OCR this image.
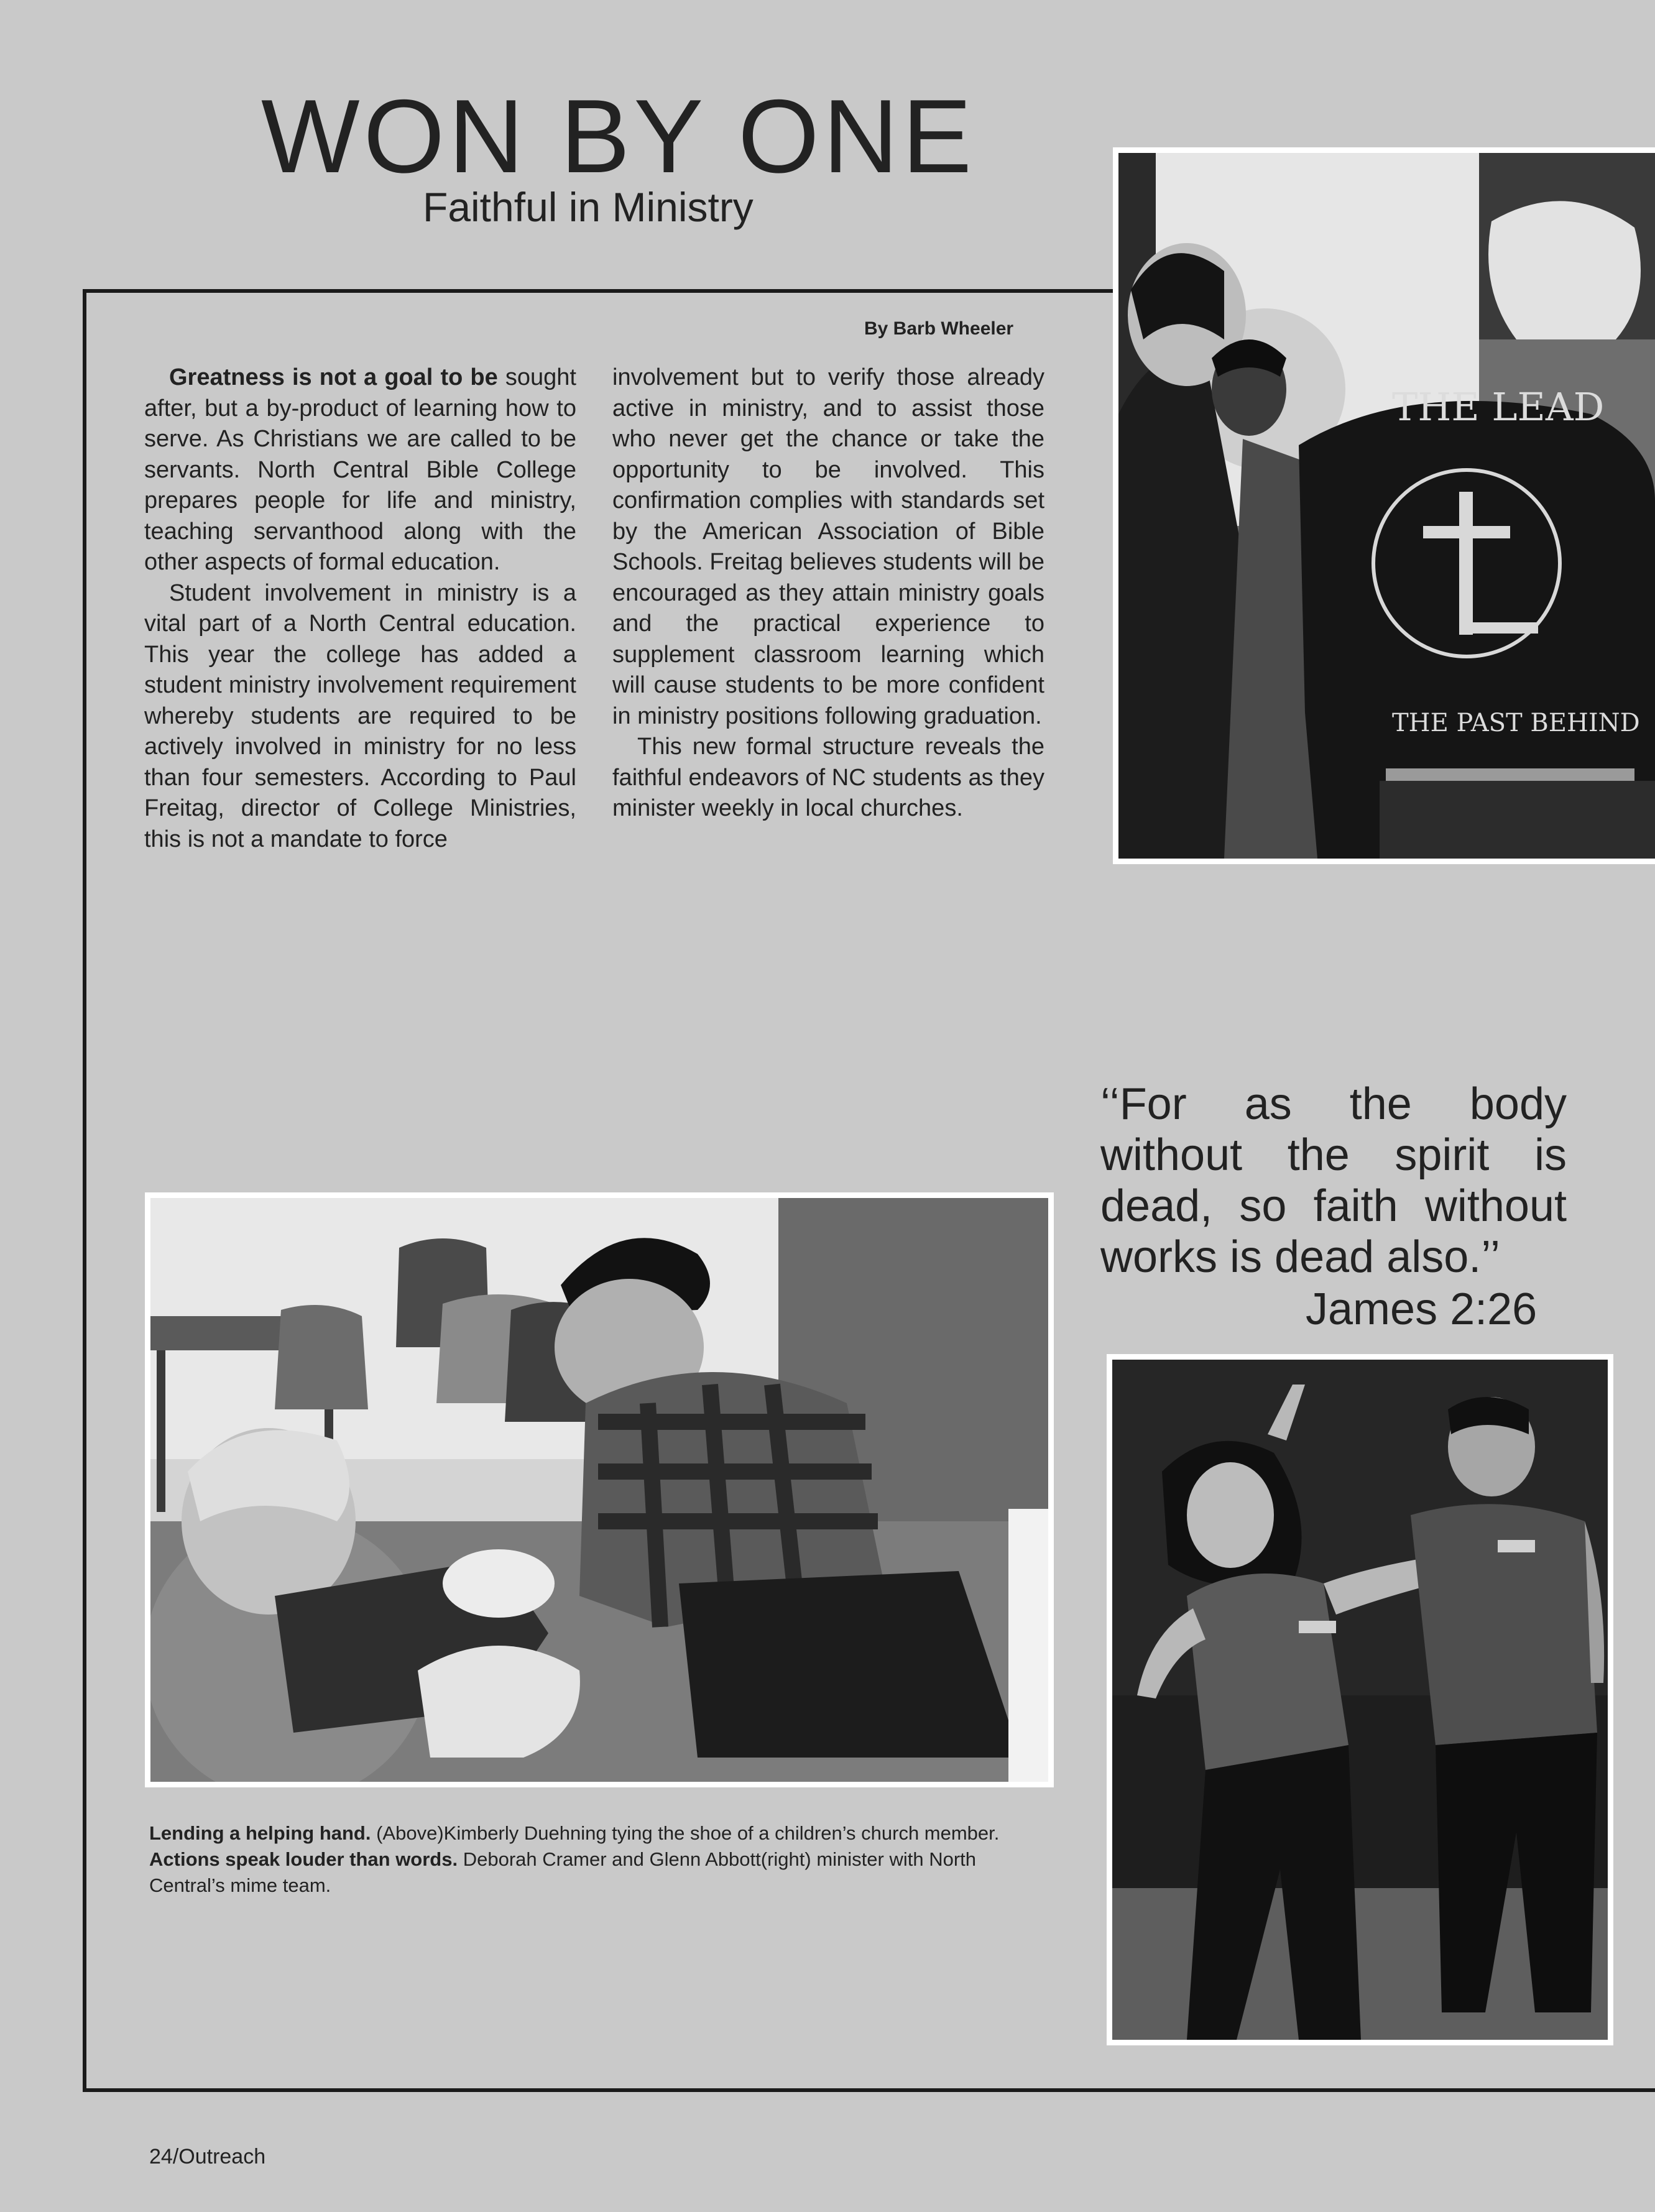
WON BY ONE
Faithful in Ministry
By Barb Wheeler

Greatness is not a goal to be sought after, but a by-product of learning how to serve. As Christians we are called to be servants. North Central Bible College prepares people for life and ministry, teaching servanthood along with the other aspects of formal education.

Student involvement in ministry is a vital part of a North Central education. This year the college has added a student ministry involvement requirement whereby students are required to be actively involved in ministry for no less than four semesters. According to Paul Freitag, director of College Ministries, this is not a mandate to force

involvement but to verify those already active in ministry, and to assist those who never get the chance or take the opportunity to be involved. This confirmation complies with standards set by the American Association of Bible Schools. Freitag believes students will be encouraged as they attain ministry goals and the practical experience to supplement classroom learning which will cause students to be more confident in ministry positions following graduation.

This new formal structure reveals the faithful endeavors of NC students as they minister weekly in local churches.

THE LEAD
THE PAST BEHIND
‘‘For as the body
without the spirit is
dead, so faith without
works is dead also.’’
James 2:26

Lending a helping hand. (Above)Kimberly Duehning tying the shoe of a children’s church member.

Actions speak louder than words. Deborah Cramer and Glenn Abbott(right) minister with North Central’s mime team.

24/Outreach
